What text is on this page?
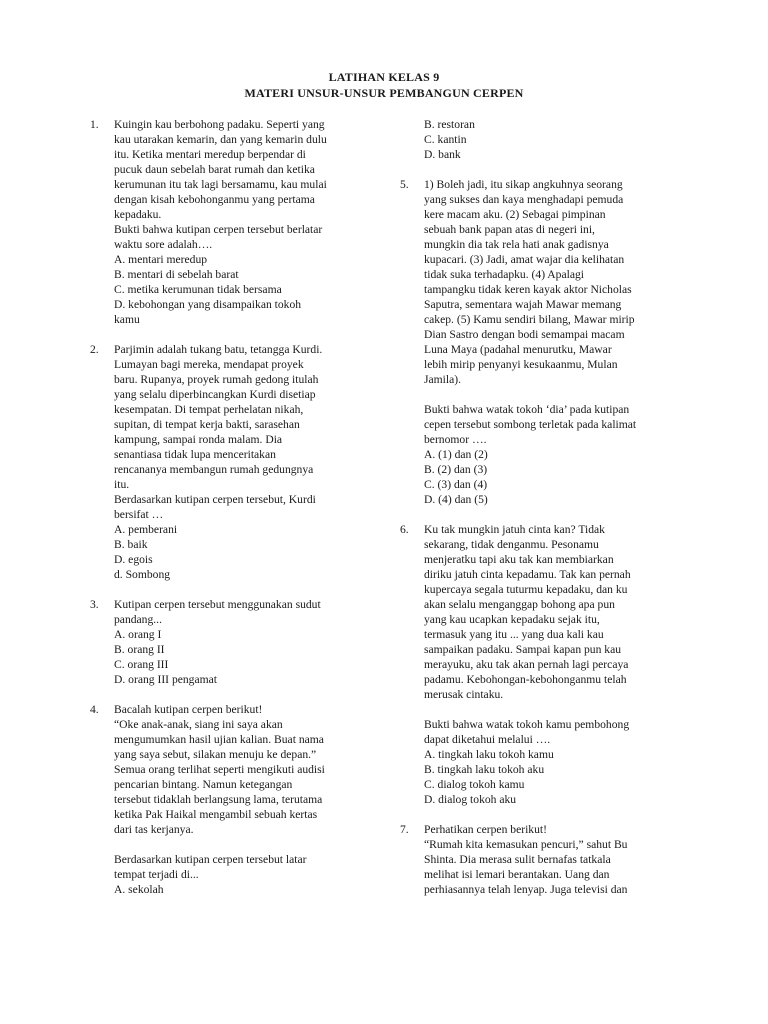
LATIHAN KELAS 9
MATERI UNSUR-UNSUR PEMBANGUN CERPEN
1. Kuingin kau berbohong padaku. Seperti yang
kau utarakan kemarin, dan yang kemarin dulu
itu. Ketika mentari meredup berpendar di
pucuk daun sebelah barat rumah dan ketika
kerumunan itu tak lagi bersamamu, kau mulai
dengan kisah kebohonganmu yang pertama
kepadaku.
Bukti bahwa kutipan cerpen tersebut berlatar
waktu sore adalah….
A. mentari meredup
B. mentari di sebelah barat
C. metika kerumunan tidak bersama
D. kebohongan yang disampaikan tokoh
kamu
2. Parjimin adalah tukang batu, tetangga Kurdi.
Lumayan bagi mereka, mendapat proyek
baru. Rupanya, proyek rumah gedong itulah
yang selalu diperbincangkan Kurdi disetiap
kesempatan. Di tempat perhelatan nikah,
supitan, di tempat kerja bakti, sarasehan
kampung, sampai ronda malam. Dia
senantiasa tidak lupa menceritakan
rencananya membangun rumah gedungnya
itu.
Berdasarkan kutipan cerpen tersebut, Kurdi
bersifat …
A. pemberani
B. baik
D. egois
d. Sombong
3. Kutipan cerpen tersebut menggunakan sudut
pandang...
A. orang I
B. orang II
C. orang III
D. orang III pengamat
4. Bacalah kutipan cerpen berikut!
“Oke anak-anak, siang ini saya akan
mengumumkan hasil ujian kalian. Buat nama
yang saya sebut, silakan menuju ke depan.”
Semua orang terlihat seperti mengikuti audisi
pencarian bintang. Namun ketegangan
tersebut tidaklah berlangsung lama, terutama
ketika Pak Haikal mengambil sebuah kertas
dari tas kerjanya.

Berdasarkan kutipan cerpen tersebut latar
tempat terjadi di...
A. sekolah
B. restoran
C. kantin
D. bank
5. 1) Boleh jadi, itu sikap angkuhnya seorang
yang sukses dan kaya menghadapi pemuda
kere macam aku. (2) Sebagai pimpinan
sebuah bank papan atas di negeri ini,
mungkin dia tak rela hati anak gadisnya
kupacari. (3) Jadi, amat wajar dia kelihatan
tidak suka terhadapku. (4) Apalagi
tampangku tidak keren kayak aktor Nicholas
Saputra, sementara wajah Mawar memang
cakep. (5) Kamu sendiri bilang, Mawar mirip
Dian Sastro dengan bodi semampai macam
Luna Maya (padahal menurutku, Mawar
lebih mirip penyanyi kesukaanmu, Mulan
Jamila).

Bukti bahwa watak tokoh ‘dia’ pada kutipan
cepen tersebut sombong terletak pada kalimat
bernomor ….
A. (1) dan (2)
B. (2) dan (3)
C. (3) dan (4)
D. (4) dan (5)
6. Ku tak mungkin jatuh cinta kan? Tidak
sekarang, tidak denganmu. Pesonamu
menjeratku tapi aku tak kan membiarkan
diriku jatuh cinta kepadamu. Tak kan pernah
kupercaya segala tuturmu kepadaku, dan ku
akan selalu menganggap bohong apa pun
yang kau ucapkan kepadaku sejak itu,
termasuk yang itu ... yang dua kali kau
sampaikan padaku. Sampai kapan pun kau
merayuku, aku tak akan pernah lagi percaya
padamu. Kebohongan-kebohonganmu telah
merusak cintaku.

Bukti bahwa watak tokoh kamu pembohong
dapat diketahui melalui ….
A. tingkah laku tokoh kamu
B. tingkah laku tokoh aku
C. dialog tokoh kamu
D. dialog tokoh aku
7. Perhatikan cerpen berikut!
“Rumah kita kemasukan pencuri,” sahut Bu
Shinta. Dia merasa sulit bernafas tatkala
melihat isi lemari berantakan. Uang dan
perhiasannya telah lenyap. Juga televisi dan
